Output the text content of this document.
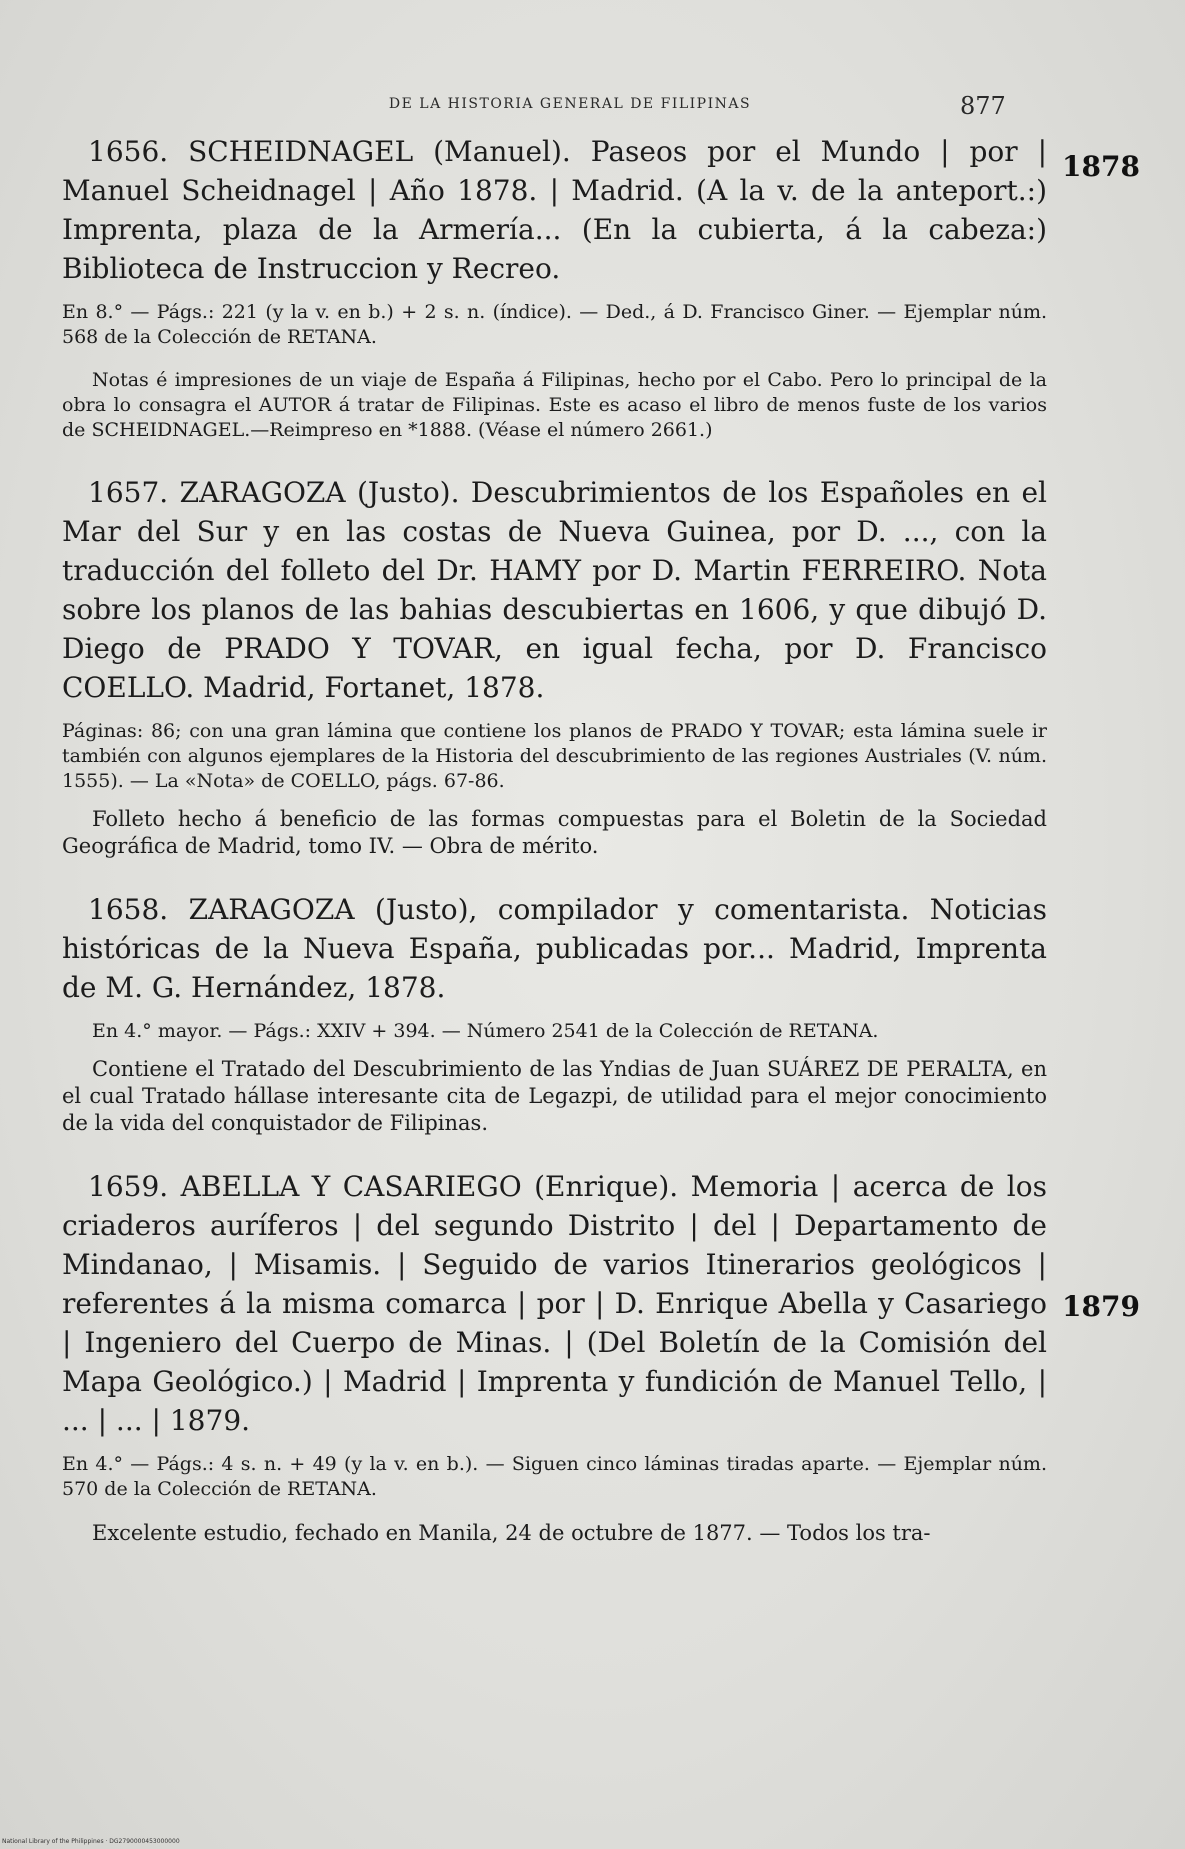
DE LA HISTORIA GENERAL DE FILIPINAS	877
1878
1879

1656. SCHEIDNAGEL (Manuel). Paseos por el Mundo | por | Manuel Scheidnagel | Año 1878. | Madrid. (A la v. de la anteport.:) Imprenta, plaza de la Armería... (En la cubierta, á la cabeza:) Biblioteca de Instruccion y Recreo.

En 8.° — Págs.: 221 (y la v. en b.) + 2 s. n. (índice). — Ded., á D. Francisco Giner. — Ejemplar núm. 568 de la Colección de RETANA.

Notas é impresiones de un viaje de España á Filipinas, hecho por el Cabo. Pero lo principal de la obra lo consagra el AUTOR á tratar de Filipinas. Este es acaso el libro de menos fuste de los varios de SCHEIDNAGEL.—Reimpreso en *1888. (Véase el número 2661.)

1657. ZARAGOZA (Justo). Descubrimientos de los Españoles en el Mar del Sur y en las costas de Nueva Guinea, por D. ..., con la traducción del folleto del Dr. HAMY por D. Martin FERREIRO. Nota sobre los planos de las bahias descubiertas en 1606, y que dibujó D. Diego de PRADO Y TOVAR, en igual fecha, por D. Francisco COELLO. Madrid, Fortanet, 1878.

Páginas: 86; con una gran lámina que contiene los planos de PRADO Y TOVAR; esta lámina suele ir también con algunos ejemplares de la Historia del descubrimiento de las regiones Austriales (V. núm. 1555). — La «Nota» de COELLO, págs. 67-86.

Folleto hecho á beneficio de las formas compuestas para el Boletin de la Sociedad Geográfica de Madrid, tomo IV. — Obra de mérito.

1658. ZARAGOZA (Justo), compilador y comentarista. Noticias históricas de la Nueva España, publicadas por... Madrid, Imprenta de M. G. Hernández, 1878.

En 4.° mayor. — Págs.: XXIV + 394. — Número 2541 de la Colección de RETANA.

Contiene el Tratado del Descubrimiento de las Yndias de Juan SUÁREZ DE PERALTA, en el cual Tratado hállase interesante cita de Legazpi, de utilidad para el mejor conocimiento de la vida del conquistador de Filipinas.

1659. ABELLA Y CASARIEGO (Enrique). Memoria | acerca de los criaderos auríferos | del segundo Distrito | del | Departamento de Mindanao, | Misamis. | Seguido de varios Itinerarios geológicos | referentes á la misma comarca | por | D. Enrique Abella y Casariego | Ingeniero del Cuerpo de Minas. | (Del Boletín de la Comisión del Mapa Geológico.) | Madrid | Imprenta y fundición de Manuel Tello, | ... | ... | 1879.

En 4.° — Págs.: 4 s. n. + 49 (y la v. en b.). — Siguen cinco láminas tiradas aparte. — Ejemplar núm. 570 de la Colección de RETANA.

Excelente estudio, fechado en Manila, 24 de octubre de 1877. — Todos los tra-

National Library of the Philippines · DG2790000453000000
